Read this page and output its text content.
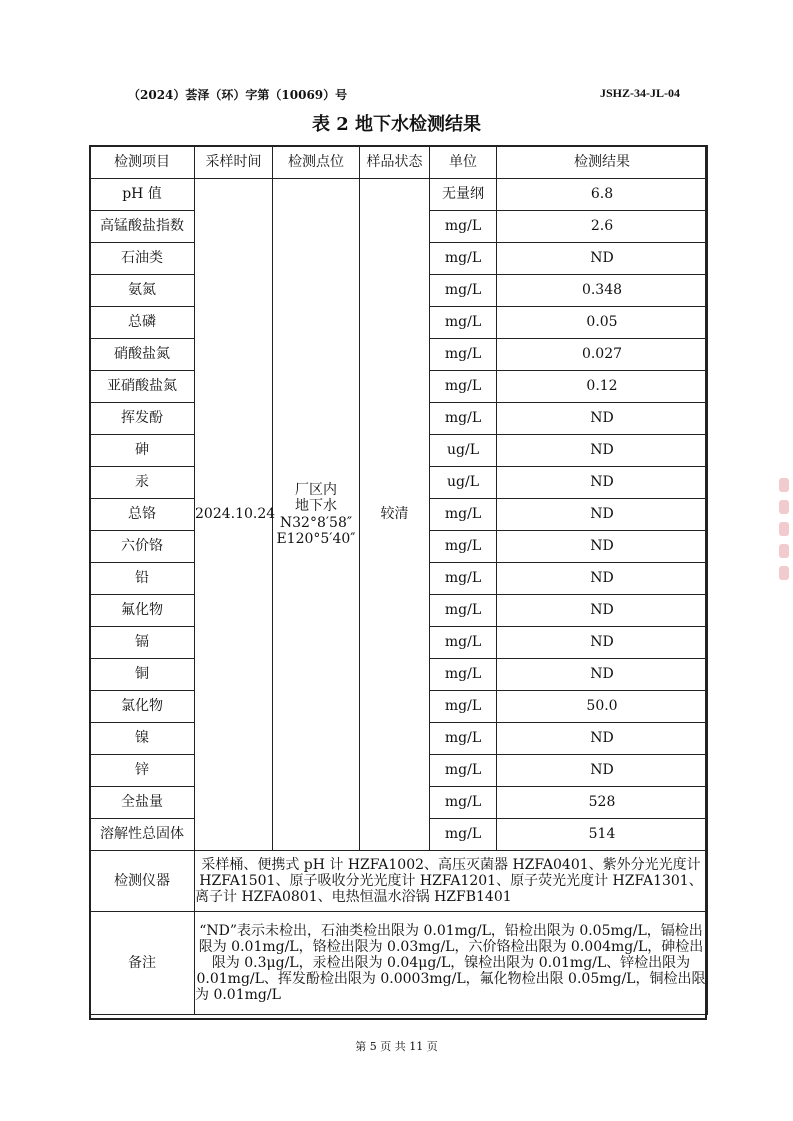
（2024）荟泽（环）字第（10069）号	JSHZ-34-JL-04
表 2 地下水检测结果
检测项目	采样时间	检测点位	样品状态	单位	检测结果
pH 值	2024.10.24	厂区内
地下水
N32°8′58″
E120°5′40″	较清	无量纲	6.8
高锰酸盐指数				mg/L	2.6
石油类				mg/L	ND
氨氮				mg/L	0.348
总磷				mg/L	0.05
硝酸盐氮				mg/L	0.027
亚硝酸盐氮				mg/L	0.12
挥发酚				mg/L	ND
砷				ug/L	ND
汞				ug/L	ND
总铬				mg/L	ND
六价铬				mg/L	ND
铅				mg/L	ND
氟化物				mg/L	ND
镉				mg/L	ND
铜				mg/L	ND
氯化物				mg/L	50.0
镍				mg/L	ND
锌				mg/L	ND
全盐量				mg/L	528
溶解性总固体				mg/L	514
检测仪器	采样桶、便携式 pH 计 HZFA1002、高压灭菌器 HZFA0401、紫外分光光度计 HZFA1501、原子吸收分光光度计 HZFA1201、原子荧光光度计 HZFA1301、离子计 HZFA0801、电热恒温水浴锅 HZFB1401				
备注	“ND”表示未检出，石油类检出限为 0.01mg/L，铅检出限为 0.05mg/L，镉检出限为 0.01mg/L，铬检出限为 0.03mg/L，六价铬检出限为 0.004mg/L，砷检出限为 0.3μg/L，汞检出限为 0.04μg/L，镍检出限为 0.01mg/L、锌检出限为 0.01mg/L、挥发酚检出限为 0.0003mg/L，氟化物检出限 0.05mg/L，铜检出限为 0.01mg/L				
第 5 页 共 11 页
